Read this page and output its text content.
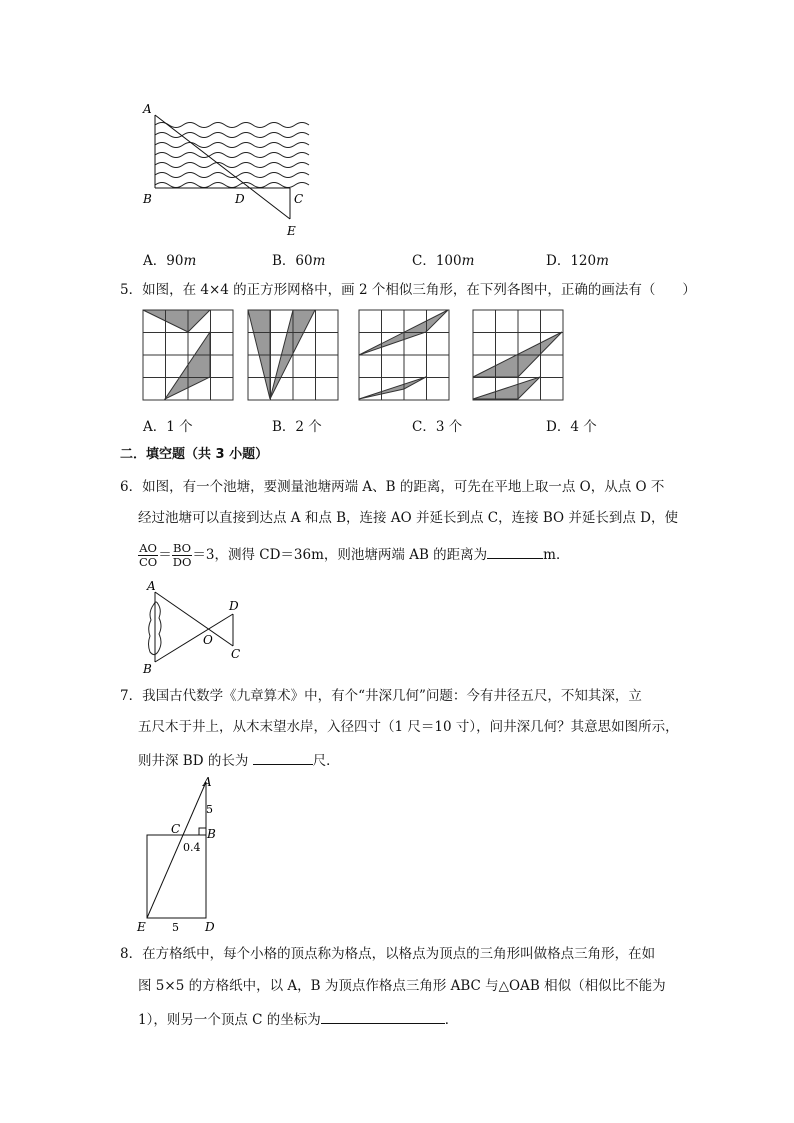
A
B	D	C
E
A．90m	B．60m	C．100m	D．120m
5．如图，在 4×4 的正方形网格中，画 2 个相似三角形，在下列各图中，正确的画法有（　　）
A．1 个	B．2 个	C．3 个	D．4 个
二．填空题（共 3 小题）
6．如图，有一个池塘，要测量池塘两端 A、B 的距离，可先在平地上取一点 O，从点 O 不
经过池塘可以直接到达点 A 和点 B，连接 AO 并延长到点 C，连接 BO 并延长到点 D，使
$\frac{AO}{CO} = \frac{BO}{DO} =3$，测得 CD＝36m，则池塘两端 AB 的距离为	m．
A
B
D
O
C
7．我国古代数学《九章算术》中，有个“井深几何”问题：今有井径五尺，不知其深，立
五尺木于井上，从木末望水岸，入径四寸（1 尺＝10 寸），问井深几何？其意思如图所示，
则井深 BD 的长为	尺．
A
5
C B
0.4
E 5 D
8．在方格纸中，每个小格的顶点称为格点，以格点为顶点的三角形叫做格点三角形，在如
图 5×5 的方格纸中，以 A，B 为顶点作格点三角形 ABC 与△OAB 相似（相似比不能为
1），则另一个顶点 C 的坐标为	．
